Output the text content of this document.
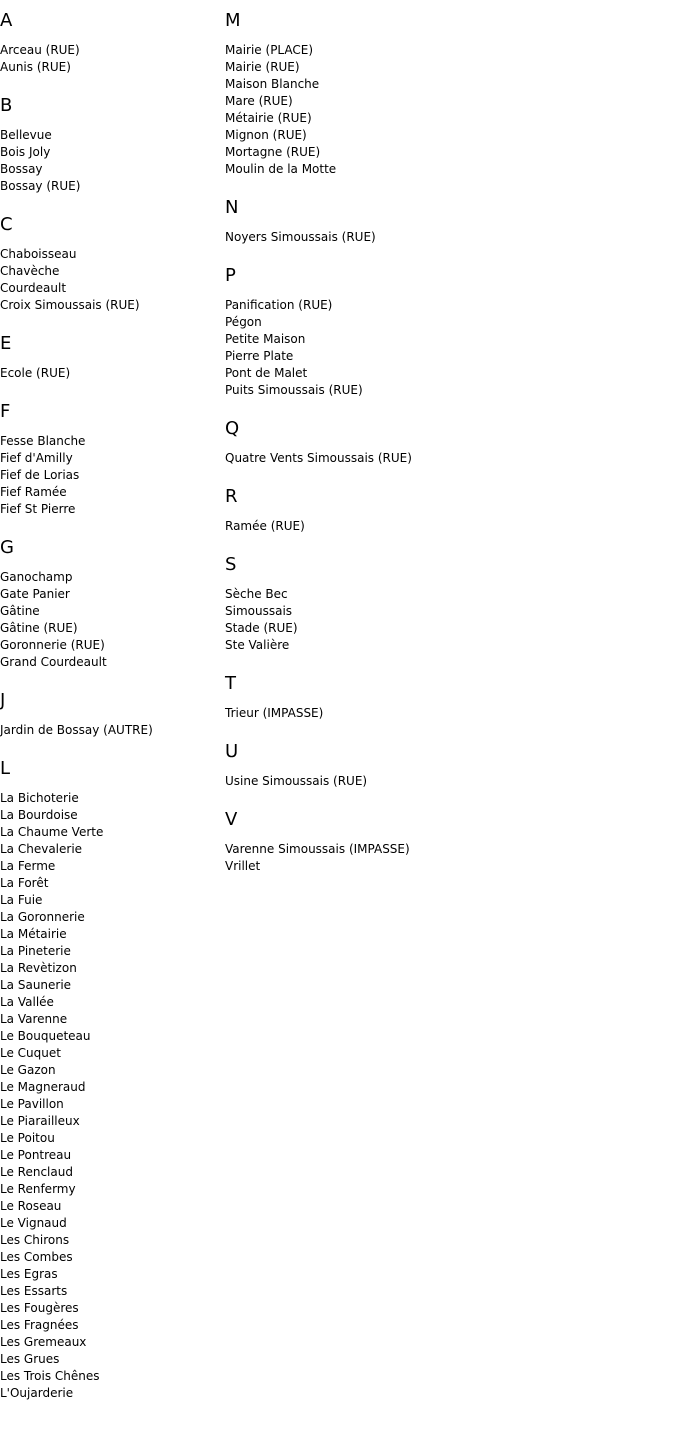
A
Arceau (RUE)
Aunis (RUE)
B
Bellevue
Bois Joly
Bossay
Bossay (RUE)
C
Chaboisseau
Chavèche
Courdeault
Croix Simoussais (RUE)
E
Ecole (RUE)
F
Fesse Blanche
Fief d'Amilly
Fief de Lorias
Fief Ramée
Fief St Pierre
G
Ganochamp
Gate Panier
Gâtine
Gâtine (RUE)
Goronnerie (RUE)
Grand Courdeault
J
Jardin de Bossay (AUTRE)
L
La Bichoterie
La Bourdoise
La Chaume Verte
La Chevalerie
La Ferme
La Forêt
La Fuie
La Goronnerie
La Métairie
La Pineterie
La Revètizon
La Saunerie
La Vallée
La Varenne
Le Bouqueteau
Le Cuquet
Le Gazon
Le Magneraud
Le Pavillon
Le Piarailleux
Le Poitou
Le Pontreau
Le Renclaud
Le Renfermy
Le Roseau
Le Vignaud
Les Chirons
Les Combes
Les Egras
Les Essarts
Les Fougères
Les Fragnées
Les Gremeaux
Les Grues
Les Trois Chênes
L'Oujarderie
M
Mairie (PLACE)
Mairie (RUE)
Maison Blanche
Mare (RUE)
Métairie (RUE)
Mignon (RUE)
Mortagne (RUE)
Moulin de la Motte
N
Noyers Simoussais (RUE)
P
Panification (RUE)
Pégon
Petite Maison
Pierre Plate
Pont de Malet
Puits Simoussais (RUE)
Q
Quatre Vents Simoussais (RUE)
R
Ramée (RUE)
S
Sèche Bec
Simoussais
Stade (RUE)
Ste Valière
T
Trieur (IMPASSE)
U
Usine Simoussais (RUE)
V
Varenne Simoussais (IMPASSE)
Vrillet
